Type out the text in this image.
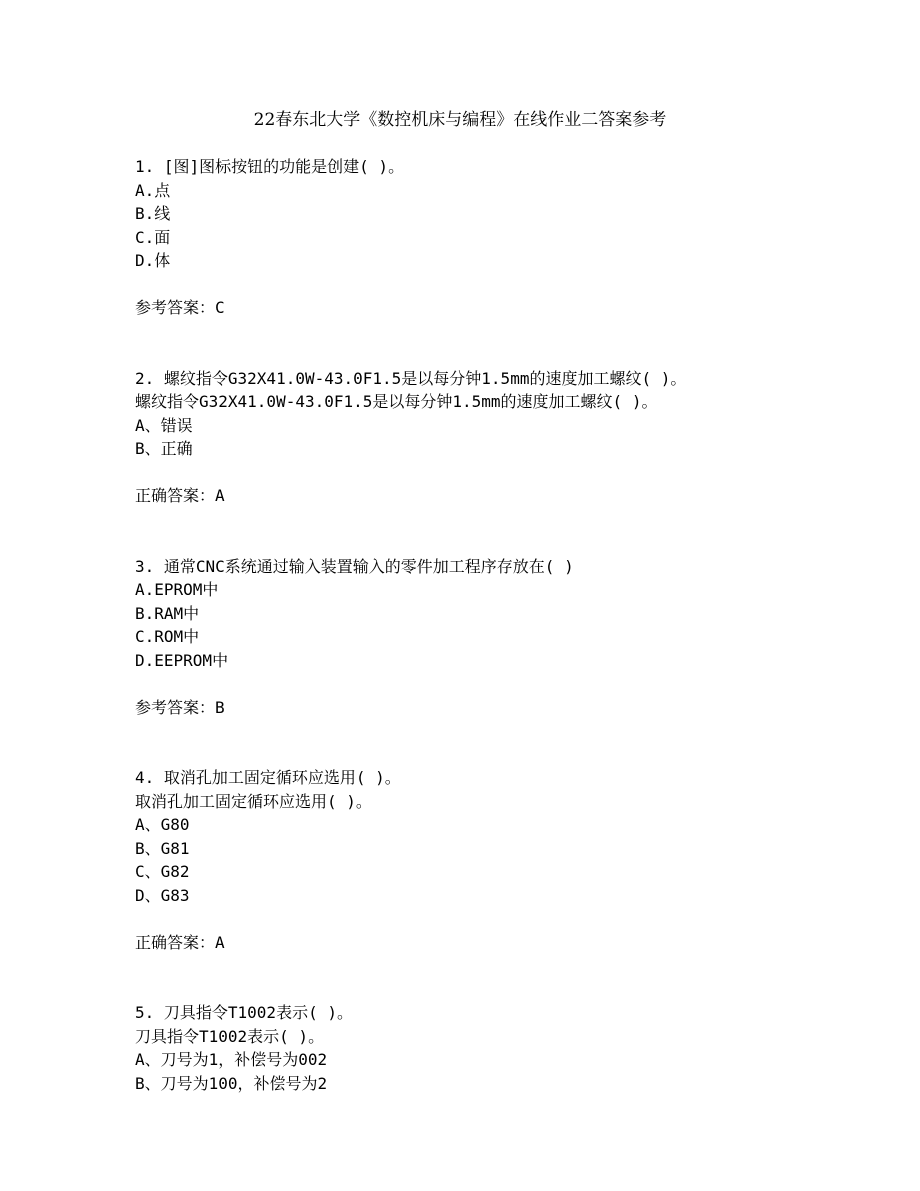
22春东北大学《数控机床与编程》在线作业二答案参考
1. [图]图标按钮的功能是创建( )。
A.点
B.线
C.面
D.体
参考答案：C
2. 螺纹指令G32X41.0W-43.0F1.5是以每分钟1.5mm的速度加工螺纹( )。
螺纹指令G32X41.0W-43.0F1.5是以每分钟1.5mm的速度加工螺纹( )。
A、错误
B、正确
正确答案：A
3. 通常CNC系统通过输入装置输入的零件加工程序存放在( )
A.EPROM中
B.RAM中
C.ROM中
D.EEPROM中
参考答案：B
4. 取消孔加工固定循环应选用( )。
取消孔加工固定循环应选用( )。
A、G80
B、G81
C、G82
D、G83
正确答案：A
5. 刀具指令T1002表示( )。
刀具指令T1002表示( )。
A、刀号为1，补偿号为002
B、刀号为100，补偿号为2
